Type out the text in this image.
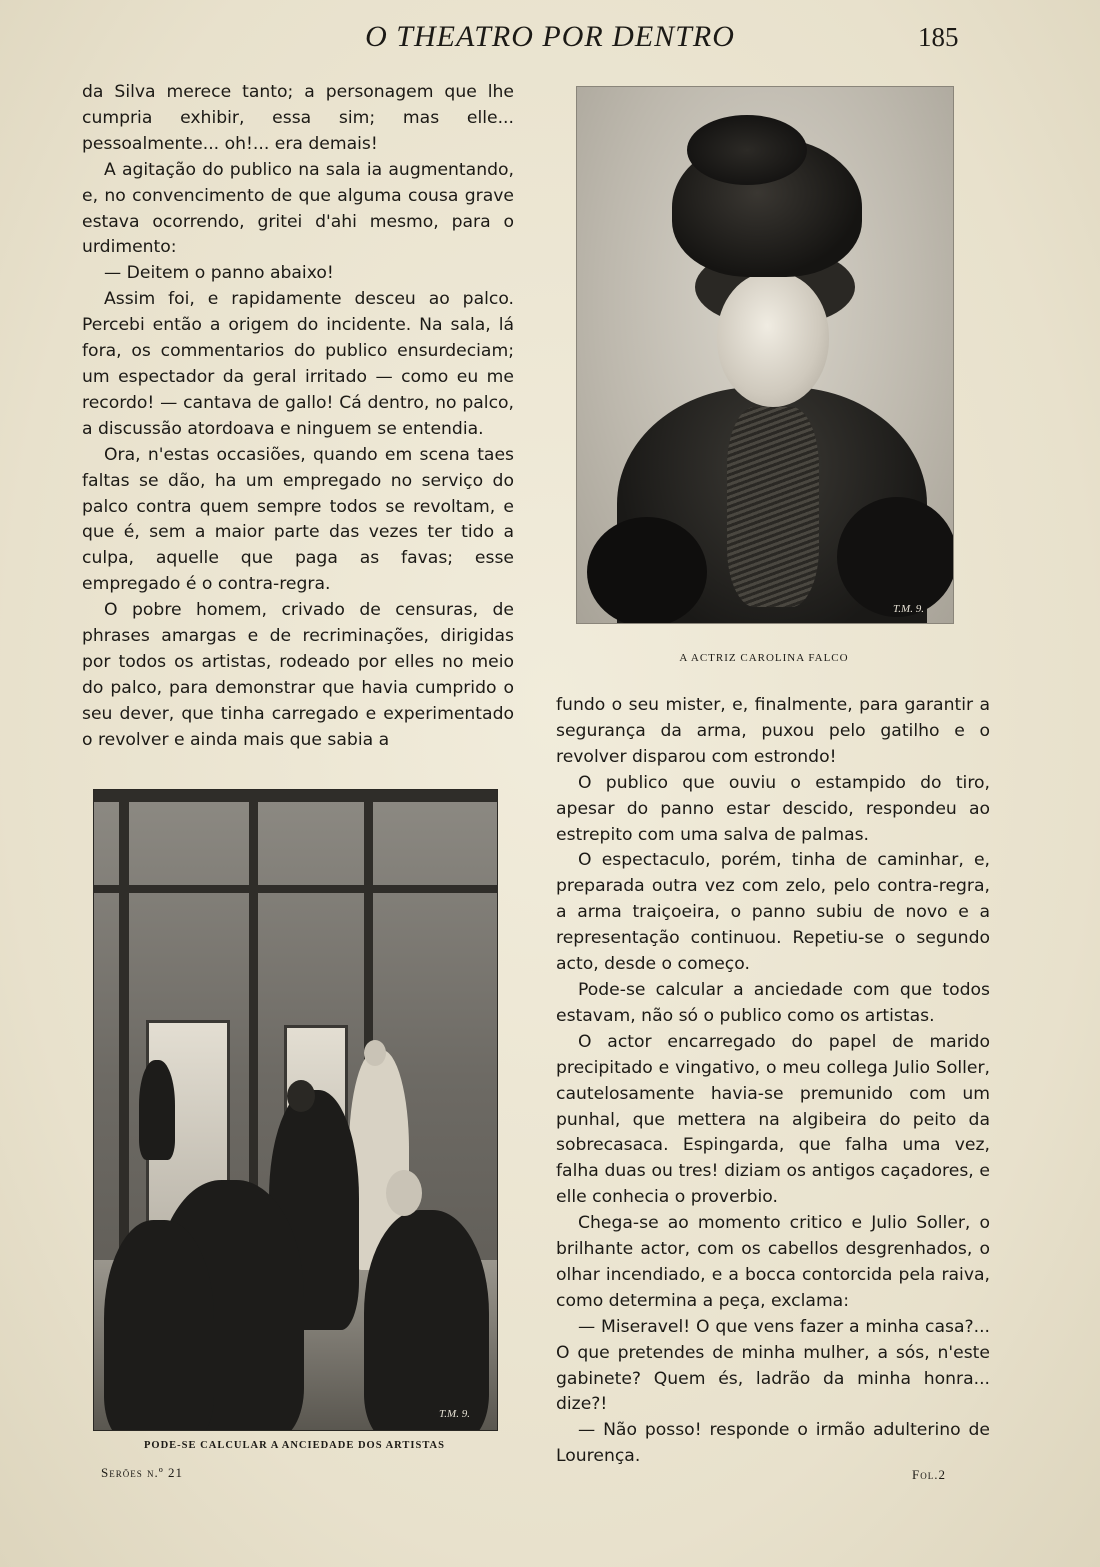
O THEATRO POR DENTRO	185

da Silva merece tanto; a personagem que lhe cumpria exhibir, essa sim; mas elle... pessoalmente... oh!... era demais!

A agitação do publico na sala ia augmentando, e, no convencimento de que alguma cousa grave estava ocorrendo, gritei d'ahi mesmo, para o urdimento:

— Deitem o panno abaixo!

Assim foi, e rapidamente desceu ao palco. Percebi então a origem do incidente. Na sala, lá fora, os commentarios do publico ensurdeciam; um espectador da geral irritado — como eu me recordo! — cantava de gallo! Cá dentro, no palco, a discussão atordoava e ninguem se entendia.

Ora, n'estas occasiões, quando em scena taes faltas se dão, ha um empregado no serviço do palco contra quem sempre todos se revoltam, e que é, sem a maior parte das vezes ter tido a culpa, aquelle que paga as favas; esse empregado é o contra-regra.

O pobre homem, crivado de censuras, de phrases amargas e de recriminações, dirigidas por todos os artistas, rodeado por elles no meio do palco, para demonstrar que havia cumprido o seu dever, que tinha carregado e experimentado o revolver e ainda mais que sabia a

T.M. 9.
A ACTRIZ CAROLINA FALCO

fundo o seu mister, e, finalmente, para garantir a segurança da arma, puxou pelo gatilho e o revolver disparou com estrondo!

O publico que ouviu o estampido do tiro, apesar do panno estar descido, respondeu ao estrepito com uma salva de palmas.

O espectaculo, porém, tinha de caminhar, e, preparada outra vez com zelo, pelo contra-regra, a arma traiçoeira, o panno subiu de novo e a representação continuou. Repetiu-se o segundo acto, desde o começo.

Pode-se calcular a anciedade com que todos estavam, não só o publico como os artistas.

O actor encarregado do papel de marido precipitado e vingativo, o meu collega Julio Soller, cautelosamente havia-se premunido com um punhal, que mettera na algibeira do peito da sobrecasaca. Espingarda, que falha uma vez, falha duas ou tres! diziam os antigos caçadores, e elle conhecia o proverbio.

Chega-se ao momento critico e Julio Soller, o brilhante actor, com os cabellos desgrenhados, o olhar incendiado, e a bocca contorcida pela raiva, como determina a peça, exclama:

— Miseravel! O que vens fazer a minha casa?... O que pretendes de minha mulher, a sós, n'este gabinete? Quem és, ladrão da minha honra... dize?!

— Não posso! responde o irmão adulterino de Lourença.

T.M. 9.
PODE-SE CALCULAR A ANCIEDADE DOS ARTISTAS
Serões n.º 21	Fol.2
